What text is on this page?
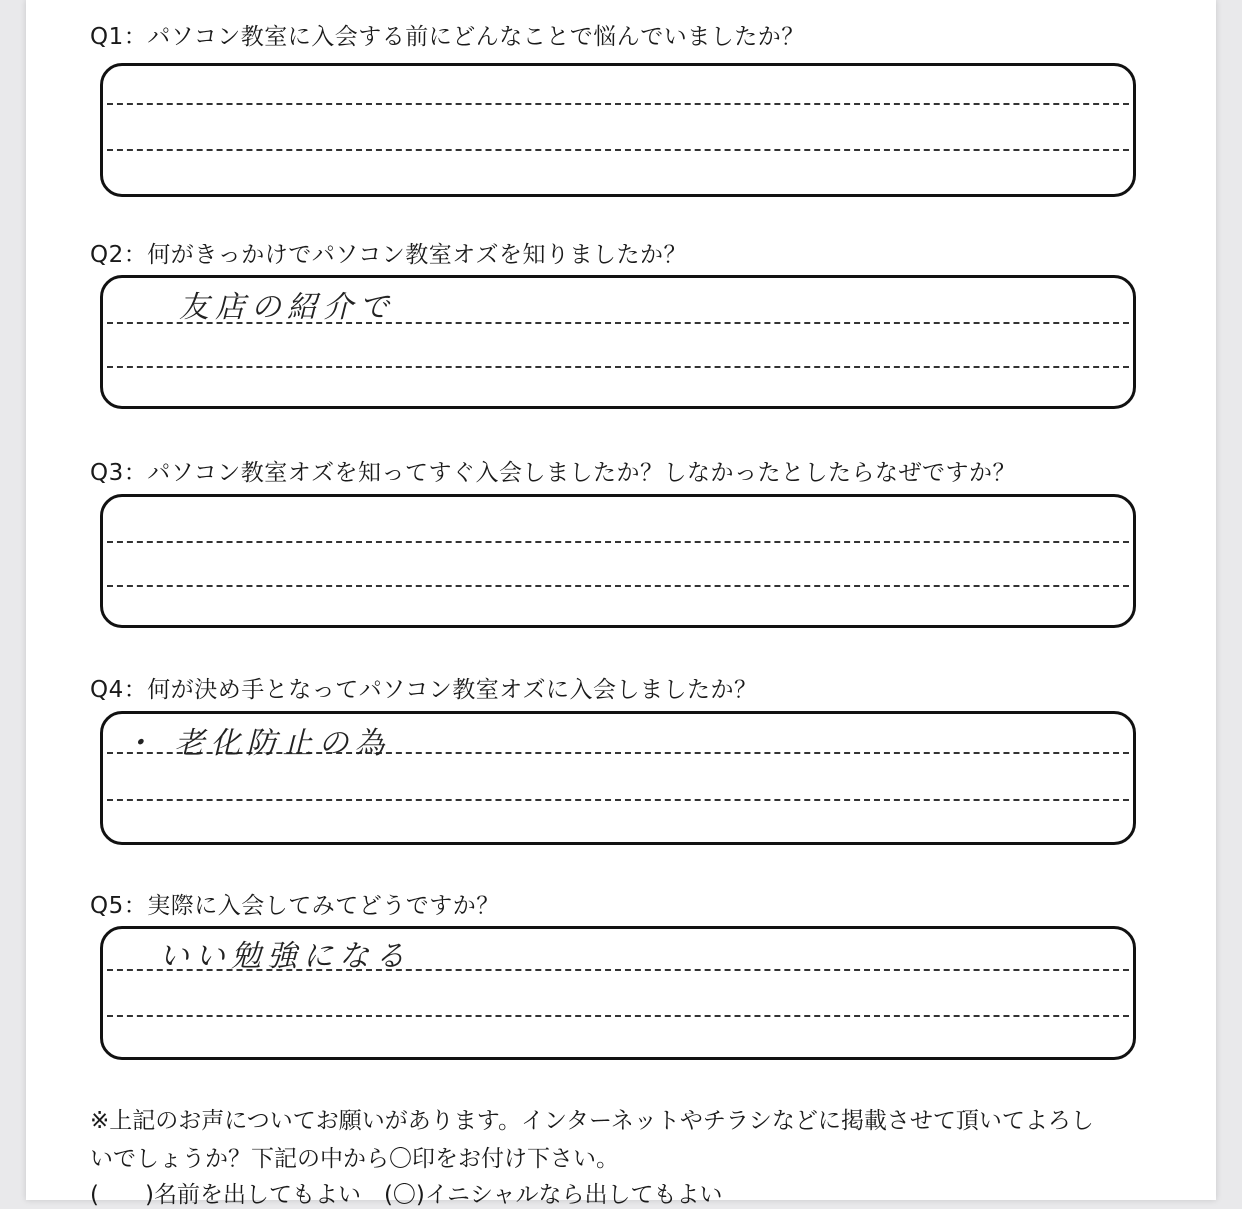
Q1：パソコン教室に入会する前にどんなことで悩んでいましたか？
Q2：何がきっかけでパソコン教室オズを知りましたか？
友店の紹介で
Q3：パソコン教室オズを知ってすぐ入会しましたか？しなかったとしたらなぜですか？
Q4：何が決め手となってパソコン教室オズに入会しましたか？
・ 老化防止の為
Q5：実際に入会してみてどうですか？
いい勉強になる
※上記のお声についてお願いがあります。インターネットやチラシなどに掲載させて頂いてよろし
いでしょうか？下記の中から〇印をお付け下さい。
(　　)名前を出してもよい　(〇)イニシャルなら出してもよい
